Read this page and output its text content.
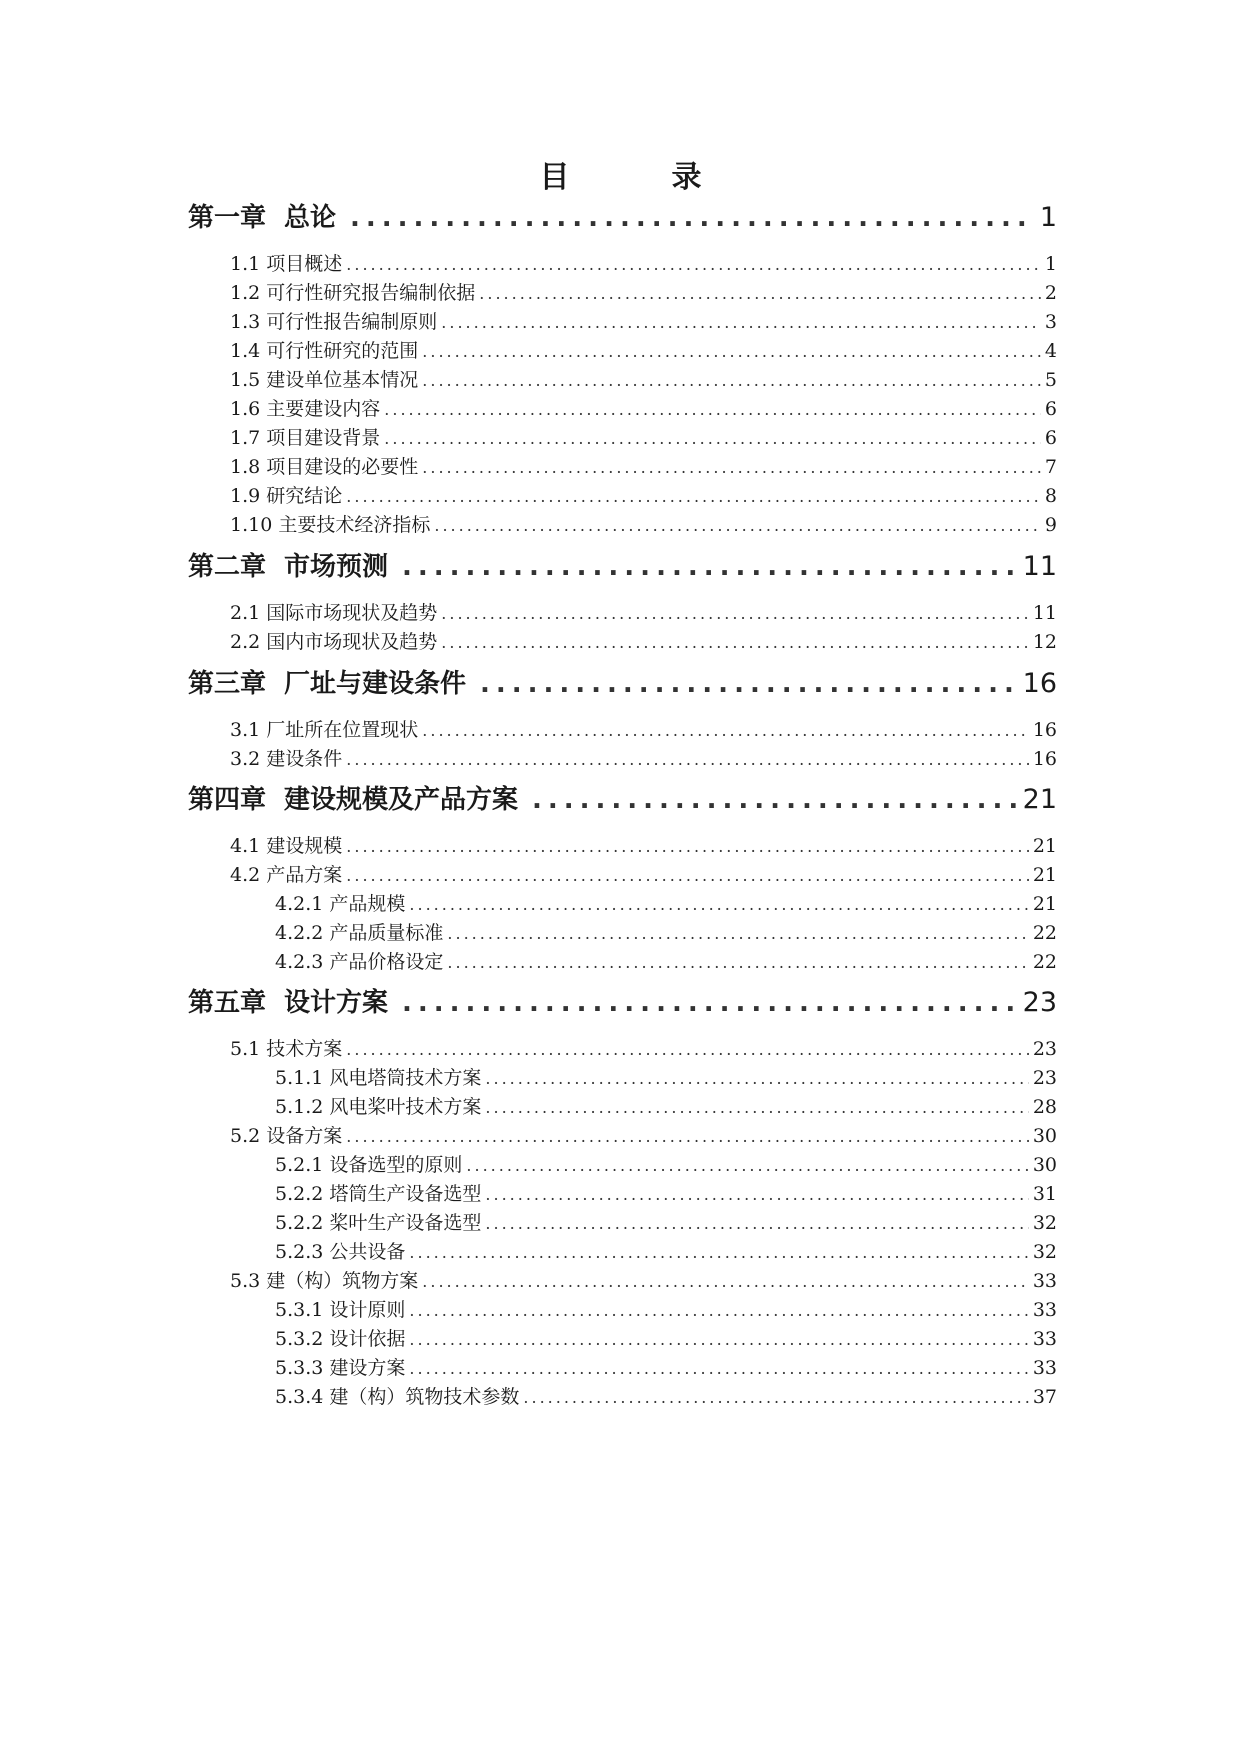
目　录
第一章 总论 .....	1
1.1 项目概述 .....	1
1.2 可行性研究报告编制依据 .....	2
1.3 可行性报告编制原则 .....	3
1.4 可行性研究的范围 .....	4
1.5 建设单位基本情况 .....	5
1.6 主要建设内容 .....	6
1.7 项目建设背景 .....	6
1.8 项目建设的必要性 .....	7
1.9 研究结论 .....	8
1.10 主要技术经济指标 .....	9
第二章 市场预测 .....	11
2.1 国际市场现状及趋势 .....	11
2.2 国内市场现状及趋势 .....	12
第三章 厂址与建设条件 .....	16
3.1 厂址所在位置现状 .....	16
3.2 建设条件 .....	16
第四章 建设规模及产品方案 .....	21
4.1 建设规模 .....	21
4.2 产品方案 .....	21
4.2.1 产品规模 .....	21
4.2.2 产品质量标准 .....	22
4.2.3 产品价格设定 .....	22
第五章 设计方案 .....	23
5.1 技术方案 .....	23
5.1.1 风电塔筒技术方案 .....	23
5.1.2 风电桨叶技术方案 .....	28
5.2 设备方案 .....	30
5.2.1 设备选型的原则 .....	30
5.2.2 塔筒生产设备选型 .....	31
5.2.2 桨叶生产设备选型 .....	32
5.2.3 公共设备 .....	32
5.3 建（构）筑物方案 .....	33
5.3.1 设计原则 .....	33
5.3.2 设计依据 .....	33
5.3.3 建设方案 .....	33
5.3.4 建（构）筑物技术参数 .....	37
